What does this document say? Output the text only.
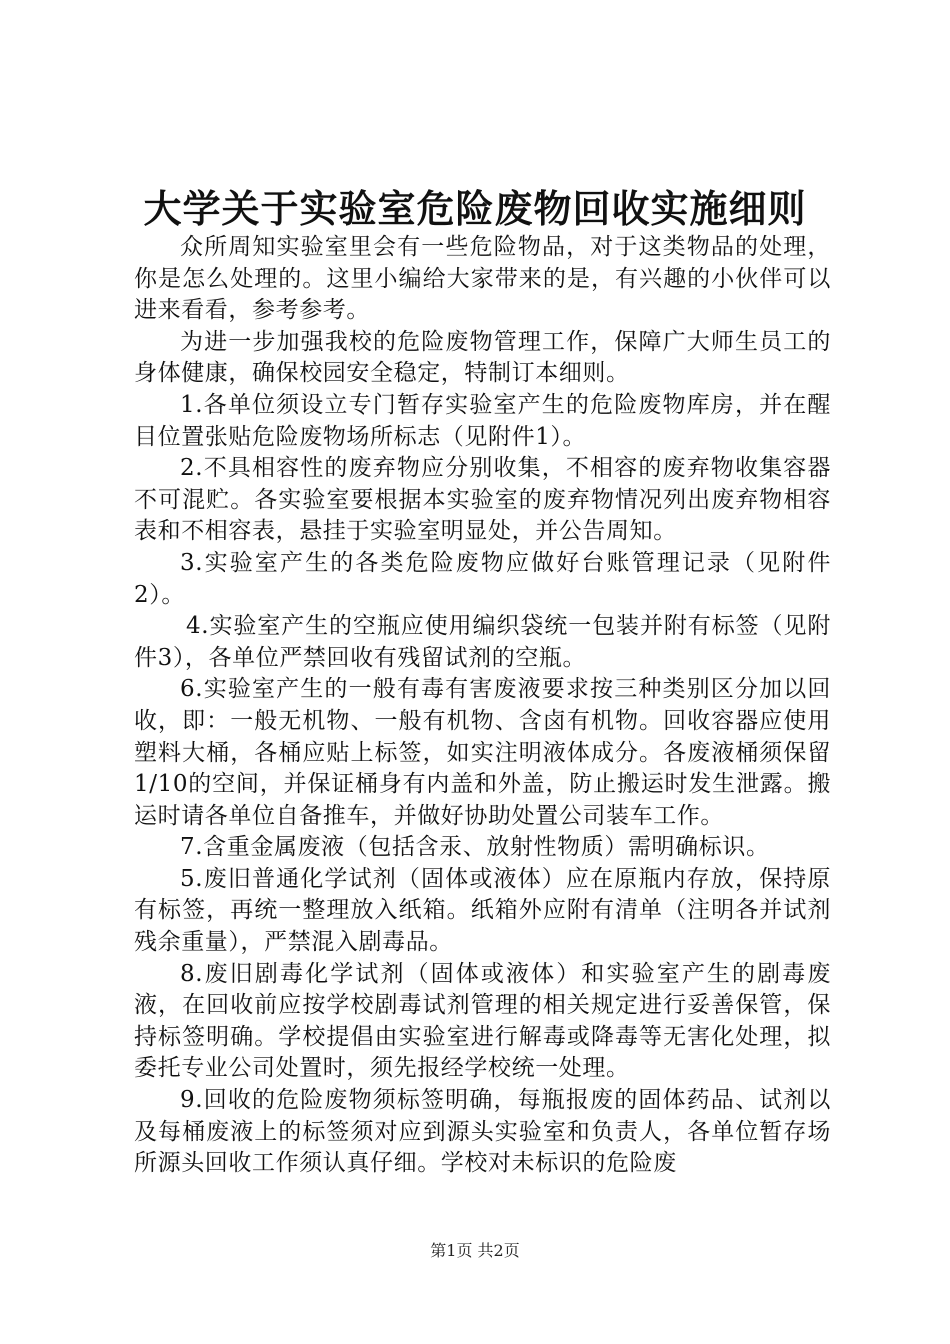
大学关于实验室危险废物回收实施细则

众所周知实验室里会有一些危险物品，对于这类物品的处理，你是怎么处理的。这里小编给大家带来的是，有兴趣的小伙伴可以进来看看，参考参考。

为进一步加强我校的危险废物管理工作，保障广大师生员工的身体健康，确保校园安全稳定，特制订本细则。

1.各单位须设立专门暂存实验室产生的危险废物库房，并在醒目位置张贴危险废物场所标志（见附件1）。

2.不具相容性的废弃物应分别收集，不相容的废弃物收集容器不可混贮。各实验室要根据本实验室的废弃物情况列出废弃物相容表和不相容表，悬挂于实验室明显处，并公告周知。

3.实验室产生的各类危险废物应做好台账管理记录（见附件2）。

4.实验室产生的空瓶应使用编织袋统一包装并附有标签（见附件3），各单位严禁回收有残留试剂的空瓶。

6.实验室产生的一般有毒有害废液要求按三种类别区分加以回收，即：一般无机物、一般有机物、含卤有机物。回收容器应使用塑料大桶，各桶应贴上标签，如实注明液体成分。各废液桶须保留1/10的空间，并保证桶身有内盖和外盖，防止搬运时发生泄露。搬运时请各单位自备推车，并做好协助处置公司装车工作。

7.含重金属废液（包括含汞、放射性物质）需明确标识。

5.废旧普通化学试剂（固体或液体）应在原瓶内存放，保持原有标签，再统一整理放入纸箱。纸箱外应附有清单（注明各并试剂残余重量），严禁混入剧毒品。

8.废旧剧毒化学试剂（固体或液体）和实验室产生的剧毒废液，在回收前应按学校剧毒试剂管理的相关规定进行妥善保管，保持标签明确。学校提倡由实验室进行解毒或降毒等无害化处理，拟委托专业公司处置时，须先报经学校统一处理。

9.回收的危险废物须标签明确，每瓶报废的固体药品、试剂以及每桶废液上的标签须对应到源头实验室和负责人，各单位暂存场所源头回收工作须认真仔细。学校对未标识的危险废

第1页 共2页
